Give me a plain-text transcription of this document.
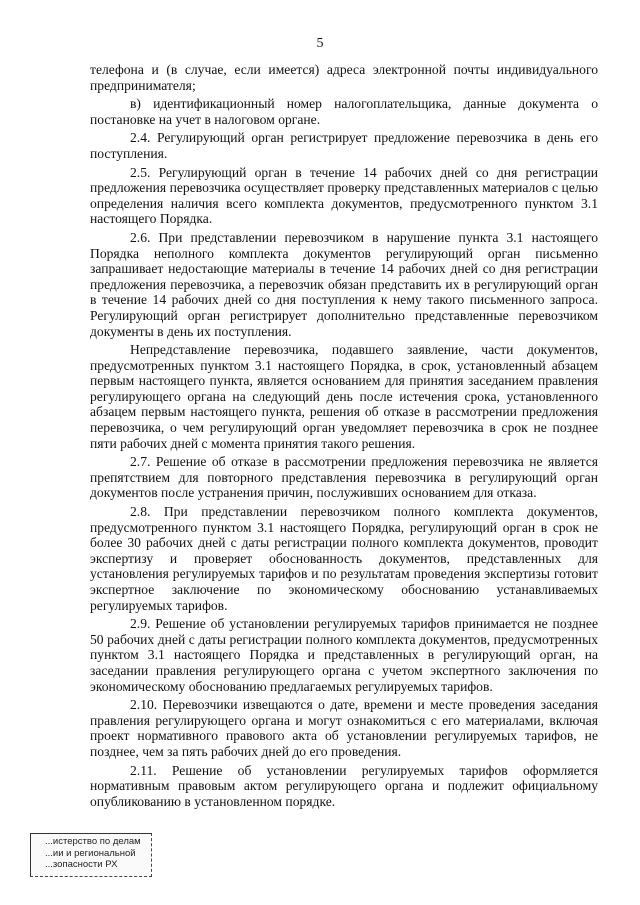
5

телефона и (в случае, если имеется) адреса электронной почты индивидуального предпринимателя;

в) идентификационный номер налогоплательщика, данные документа о постановке на учет в налоговом органе.

2.4. Регулирующий орган регистрирует предложение перевозчика в день его поступления.

2.5. Регулирующий орган в течение 14 рабочих дней со дня регистрации предложения перевозчика осуществляет проверку представленных материалов с целью определения наличия всего комплекта документов, предусмотренного пунктом 3.1 настоящего Порядка.

2.6. При представлении перевозчиком в нарушение пункта 3.1 настоящего Порядка неполного комплекта документов регулирующий орган письменно запрашивает недостающие материалы в течение 14 рабочих дней со дня регистрации предложения перевозчика, а перевозчик обязан представить их в регулирующий орган в течение 14 рабочих дней со дня поступления к нему такого письменного запроса. Регулирующий орган регистрирует дополнительно представленные перевозчиком документы в день их поступления.

Непредставление перевозчика, подавшего заявление, части документов, предусмотренных пунктом 3.1 настоящего Порядка, в срок, установленный абзацем первым настоящего пункта, является основанием для принятия заседанием правления регулирующего органа на следующий день после истечения срока, установленного абзацем первым настоящего пункта, решения об отказе в рассмотрении предложения перевозчика, о чем регулирующий орган уведомляет перевозчика в срок не позднее пяти рабочих дней с момента принятия такого решения.

2.7. Решение об отказе в рассмотрении предложения перевозчика не является препятствием для повторного представления перевозчика в регулирующий орган документов после устранения причин, послуживших основанием для отказа.

2.8. При представлении перевозчиком полного комплекта документов, предусмотренного пунктом 3.1 настоящего Порядка, регулирующий орган в срок не более 30 рабочих дней с даты регистрации полного комплекта документов, проводит экспертизу и проверяет обоснованность документов, представленных для установления регулируемых тарифов и по результатам проведения экспертизы готовит экспертное заключение по экономическому обоснованию устанавливаемых регулируемых тарифов.

2.9. Решение об установлении регулируемых тарифов принимается не позднее 50 рабочих дней с даты регистрации полного комплекта документов, предусмотренных пунктом 3.1 настоящего Порядка и представленных в регулирующий орган, на заседании правления регулирующего органа с учетом экспертного заключения по экономическому обоснованию предлагаемых регулируемых тарифов.

2.10. Перевозчики извещаются о дате, времени и месте проведения заседания правления регулирующего органа и могут ознакомиться с его материалами, включая проект нормативного правового акта об установлении регулируемых тарифов, не позднее, чем за пять рабочих дней до его проведения.

2.11. Решение об установлении регулируемых тарифов оформляется нормативным правовым актом регулирующего органа и подлежит официальному опубликованию в установленном порядке.

...истерство по делам
...ии и региональной
...зопасности РХ
